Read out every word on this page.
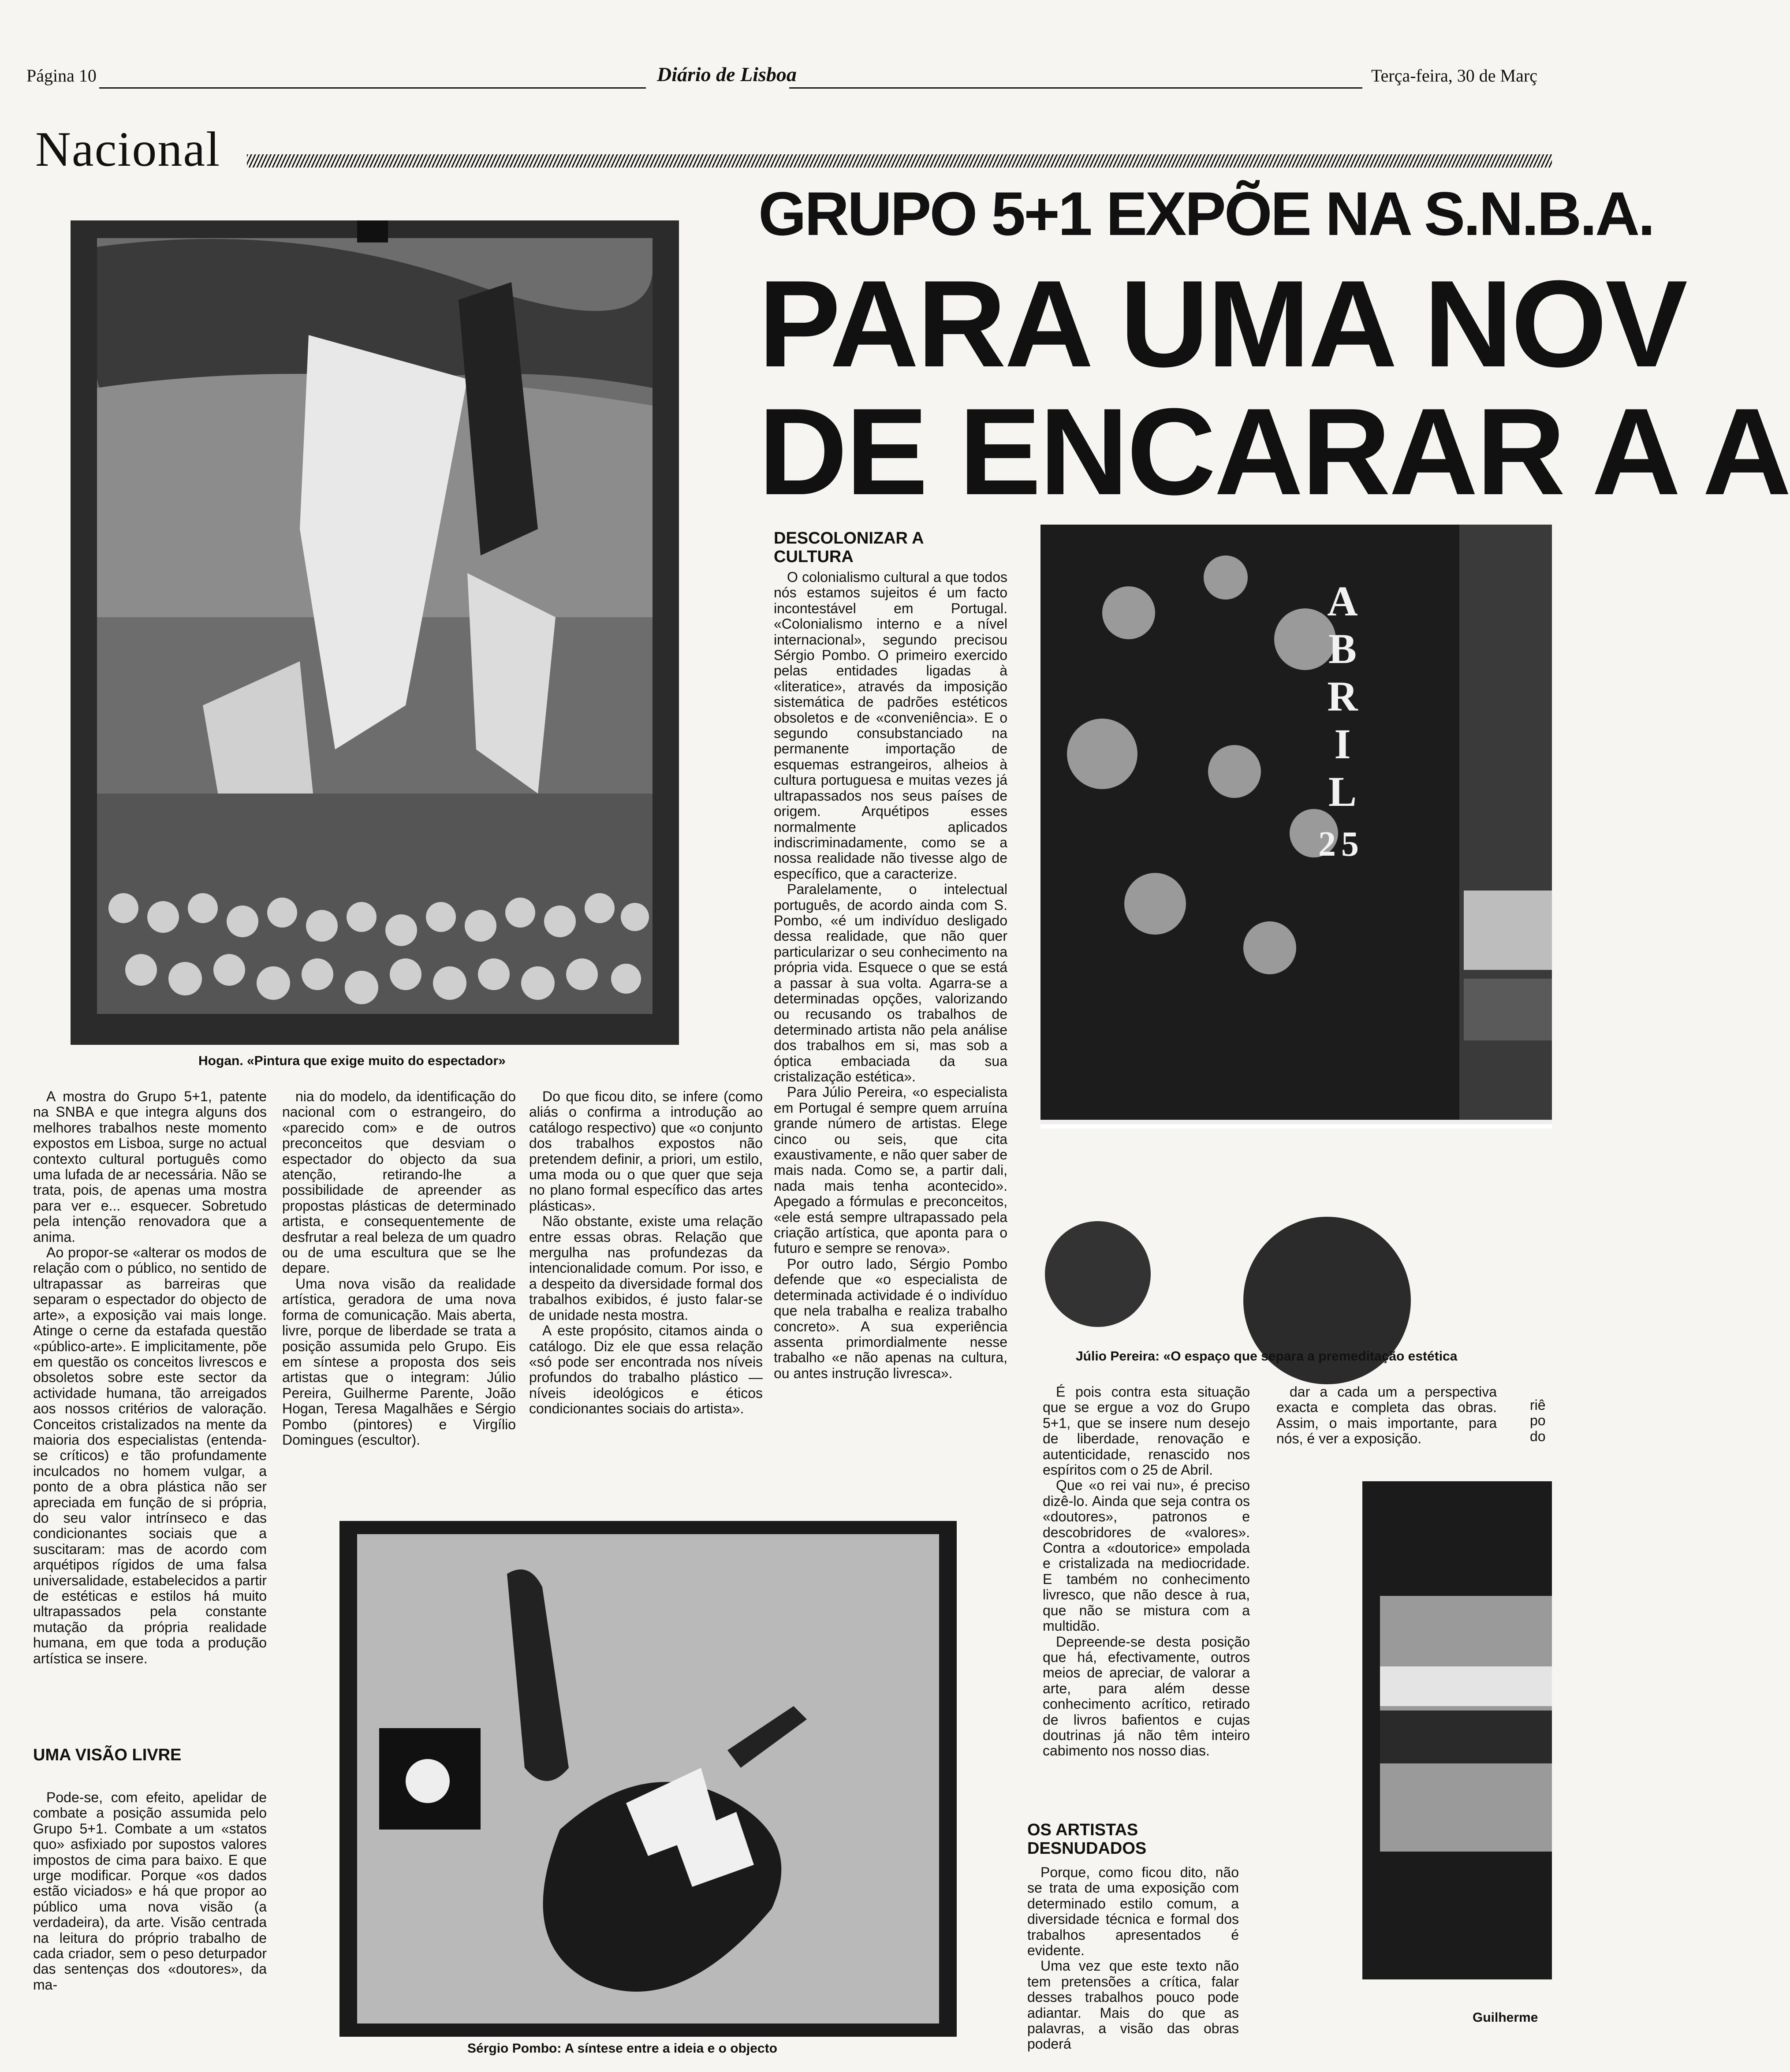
Página 10	Diário de Lisboa	Terça-feira, 30 de Març
Nacional
GRUPO 5+1 EXPÕE NA S.N.B.A.
PARA UMA NOV
DE ENCARAR A A
Hogan. «Pintura que exige muito do espectador»

A mostra do Grupo 5+1, patente na SNBA e que integra alguns dos melhores trabalhos neste momento expostos em Lisboa, surge no actual contexto cultural português como uma lufada de ar necessária. Não se trata, pois, de apenas uma mostra para ver e... esquecer. Sobretudo pela intenção renovadora que a anima.

Ao propor-se «alterar os modos de relação com o público, no sentido de ultrapassar as barreiras que separam o espectador do objecto de arte», a exposição vai mais longe. Atinge o cerne da estafada questão «público-arte». E implicitamente, põe em questão os conceitos livrescos e obsoletos sobre este sector da actividade humana, tão arreigados aos nossos critérios de valoração. Conceitos cristalizados na mente da maioria dos especialistas (entenda-se críticos) e tão profundamente inculcados no homem vulgar, a ponto de a obra plástica não ser apreciada em função de si própria, do seu valor intrínseco e das condicionantes sociais que a suscitaram: mas de acordo com arquétipos rígidos de uma falsa universalidade, estabelecidos a partir de estéticas e estilos há muito ultrapassados pela constante mutação da própria realidade humana, em que toda a produção artística se insere.

UMA VISÃO LIVRE

Pode-se, com efeito, apelidar de combate a posição assumida pelo Grupo 5+1. Combate a um «statos quo» asfixiado por supostos valores impostos de cima para baixo. E que urge modificar. Porque «os dados estão viciados» e há que propor ao público uma nova visão (a verdadeira), da arte. Visão centrada na leitura do próprio trabalho de cada criador, sem o peso deturpador das sentenças dos «doutores», da ma-

nia do modelo, da identificação do nacional com o estrangeiro, do «parecido com» e de outros preconceitos que desviam o espectador do objecto da sua atenção, retirando-lhe a possibilidade de apreender as propostas plásticas de determinado artista, e consequentemente de desfrutar a real beleza de um quadro ou de uma escultura que se lhe depare.

Uma nova visão da realidade artística, geradora de uma nova forma de comunicação. Mais aberta, livre, porque de liberdade se trata a posição assumida pelo Grupo. Eis em síntese a proposta dos seis artistas que o integram: Júlio Pereira, Guilherme Parente, João Hogan, Teresa Magalhães e Sérgio Pombo (pintores) e Virgílio Domingues (escultor).

Do que ficou dito, se infere (como aliás o confirma a introdução ao catálogo respectivo) que «o conjunto dos trabalhos expostos não pretendem definir, a priori, um estilo, uma moda ou o que quer que seja no plano formal específico das artes plásticas».

Não obstante, existe uma relação entre essas obras. Relação que mergulha nas profundezas da intencionalidade comum. Por isso, e a despeito da diversidade formal dos trabalhos exibidos, é justo falar-se de unidade nesta mostra.

A este propósito, citamos ainda o catálogo. Diz ele que essa relação «só pode ser encontrada nos níveis profundos do trabalho plástico — níveis ideológicos e éticos condicionantes sociais do artista».

DESCOLONIZAR A CULTURA

O colonialismo cultural a que todos nós estamos sujeitos é um facto incontestável em Portugal. «Colonialismo interno e a nível internacional», segundo precisou Sérgio Pombo. O primeiro exercido pelas entidades ligadas à «literatice», através da imposição sistemática de padrões estéticos obsoletos e de «conveniência». E o segundo consubstanciado na permanente importação de esquemas estrangeiros, alheios à cultura portuguesa e muitas vezes já ultrapassados nos seus países de origem. Arquétipos esses normalmente aplicados indiscriminadamente, como se a nossa realidade não tivesse algo de específico, que a caracterize.

Paralelamente, o intelectual português, de acordo ainda com S. Pombo, «é um indivíduo desligado dessa realidade, que não quer particularizar o seu conhecimento na própria vida. Esquece o que se está a passar à sua volta. Agarra-se a determinadas opções, valorizando ou recusando os trabalhos de determinado artista não pela análise dos trabalhos em si, mas sob a óptica embaciada da sua cristalização estética».

Para Júlio Pereira, «o especialista em Portugal é sempre quem arruína grande número de artistas. Elege cinco ou seis, que cita exaustivamente, e não quer saber de mais nada. Como se, a partir dali, nada mais tenha acontecido». Apegado a fórmulas e preconceitos, «ele está sempre ultrapassado pela criação artística, que aponta para o futuro e sempre se renova».

Por outro lado, Sérgio Pombo defende que «o especialista de determinada actividade é o indivíduo que nela trabalha e realiza trabalho concreto». A sua experiência assenta primordialmente nesse trabalho «e não apenas na cultura, ou antes instrução livresca».

A
B
R
I
L
25
Júlio Pereira: «O espaço que separa a premeditação estética

É pois contra esta situação que se ergue a voz do Grupo 5+1, que se insere num desejo de liberdade, renovação e autenticidade, renascido nos espíritos com o 25 de Abril.

Que «o rei vai nu», é preciso dizê-lo. Ainda que seja contra os «doutores», patronos e descobridores de «valores». Contra a «doutorice» empolada e cristalizada na mediocridade. E também no conhecimento livresco, que não desce à rua, que não se mistura com a multidão.

Depreende-se desta posição que há, efectivamente, outros meios de apreciar, de valorar a arte, para além desse conhecimento acrítico, retirado de livros bafientos e cujas doutrinas já não têm inteiro cabimento nos nosso dias.

OS ARTISTAS DESNUDADOS

Porque, como ficou dito, não se trata de uma exposição com determinado estilo comum, a diversidade técnica e formal dos trabalhos apresentados é evidente.

Uma vez que este texto não tem pretensões a crítica, falar desses trabalhos pouco pode adiantar. Mais do que as palavras, a visão das obras poderá

dar a cada um a perspectiva exacta e completa das obras. Assim, o mais importante, para nós, é ver a exposição.

riê
po
do
Sérgio Pombo: A síntese entre a ideia e o objecto
Guilherme
